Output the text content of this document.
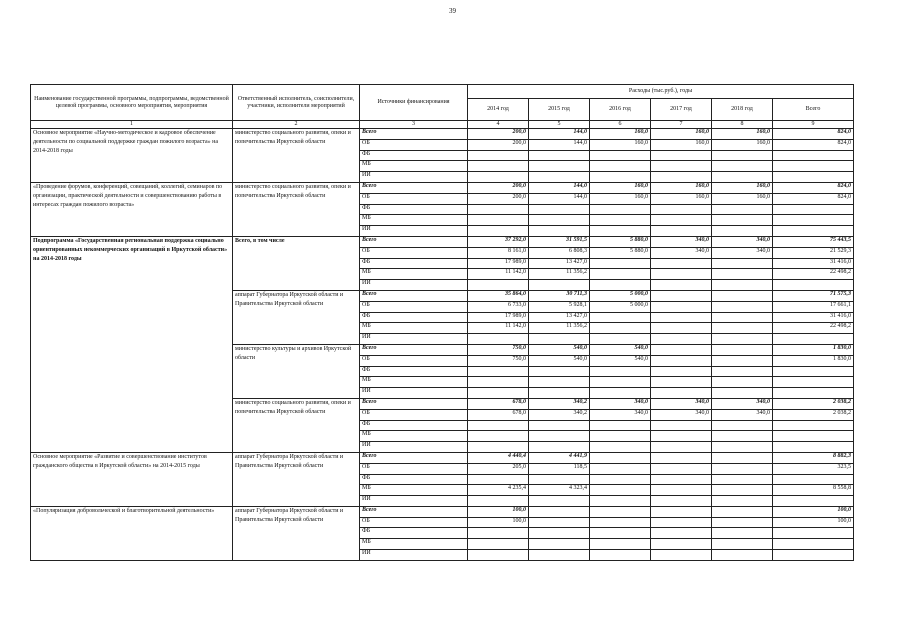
39
Наименование государственной программы, подпрограммы, ведомственной целевой программы, основного мероприятия, мероприятия	Ответственный исполнитель, соисполнители, участники, исполнители мероприятий	Источники финансирования	Расходы (тыс.руб.), годы					
			2014 год	2015 год	2016 год	2017 год	2018 год	Всего
1	2	3	4	5	6	7	8	9
Основное мероприятие «Научно-методическое и кадровое обеспечение деятельности по социальной поддержке граждан пожилого возраста» на 2014-2018 годы	министерство социального развития, опеки и попечительства Иркутской области	Всего	200,0	144,0	160,0	160,0	160,0	824,0
		ОБ	200,0	144,0	160,0	160,0	160,0	824,0
		ФБ						
		МБ						
		ИИ						
«Проведение форумов, конференций, совещаний, коллегий, семинаров по организации, практической деятельности и совершенствованию работы в интересах граждан пожилого возраста»	министерство социального развития, опеки и попечительства Иркутской области	Всего	200,0	144,0	160,0	160,0	160,0	824,0
		ОБ	200,0	144,0	160,0	160,0	160,0	824,0
		ФБ						
		МБ						
		ИИ						
Подпрограмма «Государственная региональная поддержка социально ориентированных некоммерческих организаций в Иркутской области» на 2014-2018 годы	Всего, в том числе	Всего	37 292,0	31 591,5	5 880,0	340,0	340,0	75 443,5
		ОБ	8 161,0	6 808,3	5 880,0	340,0	340,0	21 529,3
		ФБ	17 989,0	13 427,0				31 416,0
		МБ	11 142,0	11 356,2				22 498,2
		ИИ						
	аппарат Губернатора Иркутской области и Правительства Иркутской области	Всего	35 864,0	30 711,3	5 000,0			71 575,3
		ОБ	6 733,0	5 928,1	5 000,0			17 661,1
		ФБ	17 989,0	13 427,0				31 416,0
		МБ	11 142,0	11 356,2				22 498,2
		ИИ						
	министерство культуры и архивов Иркутской области	Всего	750,0	540,0	540,0			1 830,0
		ОБ	750,0	540,0	540,0			1 830,0
		ФБ						
		МБ						
		ИИ						
	министерство социального развития, опеки и попечительства Иркутской области	Всего	678,0	340,2	340,0	340,0	340,0	2 038,2
		ОБ	678,0	340,2	340,0	340,0	340,0	2 038,2
		ФБ						
		МБ						
		ИИ						
Основное мероприятие «Развитие и совершенствование институтов гражданского общества в Иркутской области» на 2014-2015 годы	аппарат Губернатора Иркутской области и Правительства Иркутской области	Всего	4 440,4	4 441,9				8 882,3
		ОБ	205,0	118,5				323,5
		ФБ						
		МБ	4 235,4	4 323,4				8 558,8
		ИИ						
«Популяризация добровольческой и благотворительной деятельности»	аппарат Губернатора Иркутской области и Правительства Иркутской области	Всего	100,0					100,0
		ОБ	100,0					100,0
		ФБ						
		МБ						
		ИИ						
